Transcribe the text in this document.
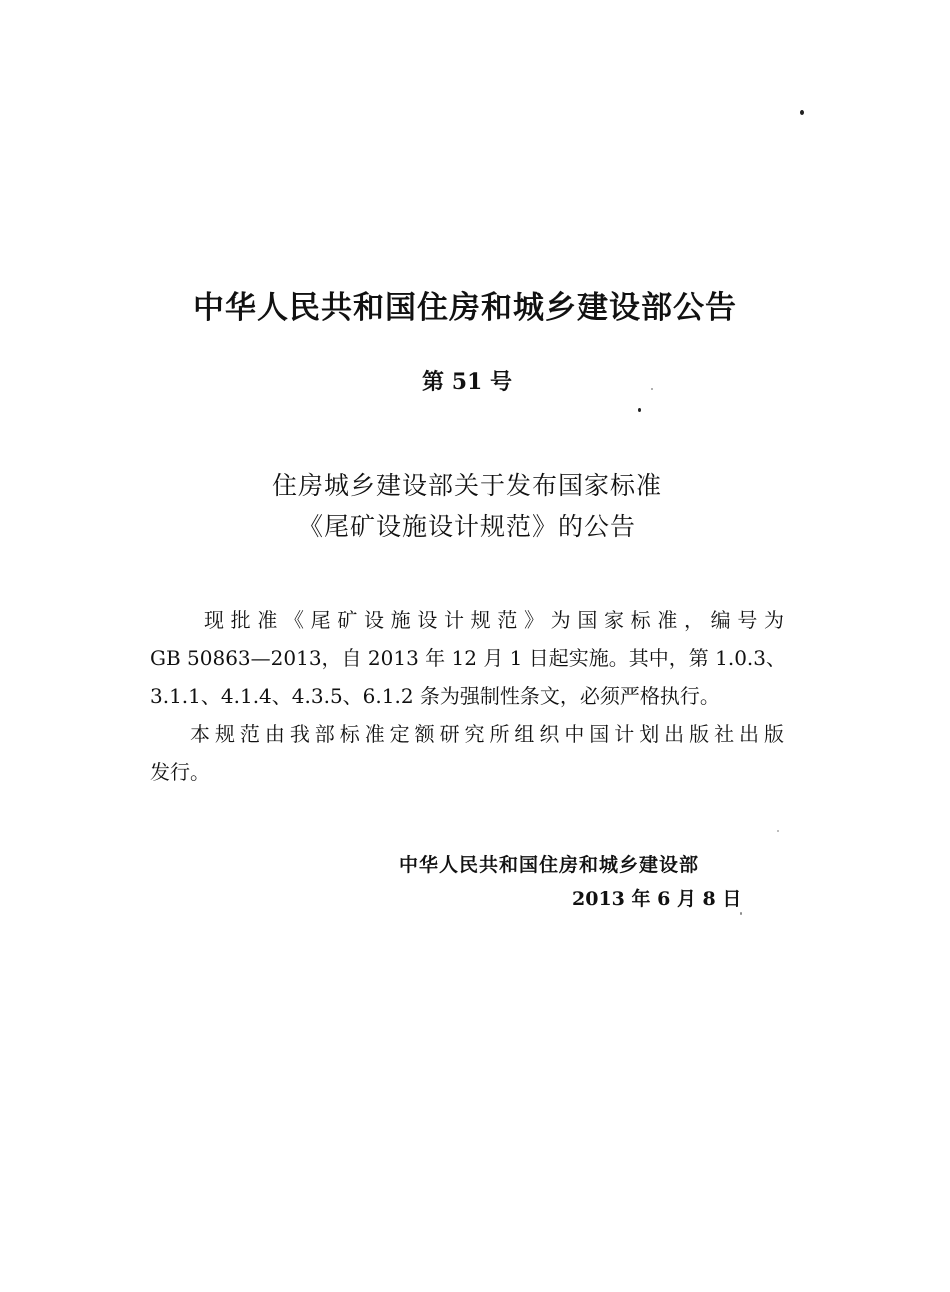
中华人民共和国住房和城乡建设部公告
第 51 号
住房城乡建设部关于发布国家标准
《尾矿设施设计规范》的公告
现批准《尾矿设施设计规范》为国家标准，编号为
GB 50863—2013，自 2013 年 12 月 1 日起实施。其中，第 1.0.3、
3.1.1、4.1.4、4.3.5、6.1.2 条为强制性条文，必须严格执行。
本规范由我部标准定额研究所组织中国计划出版社出版
发行。
中华人民共和国住房和城乡建设部
2013 年 6 月 8 日
